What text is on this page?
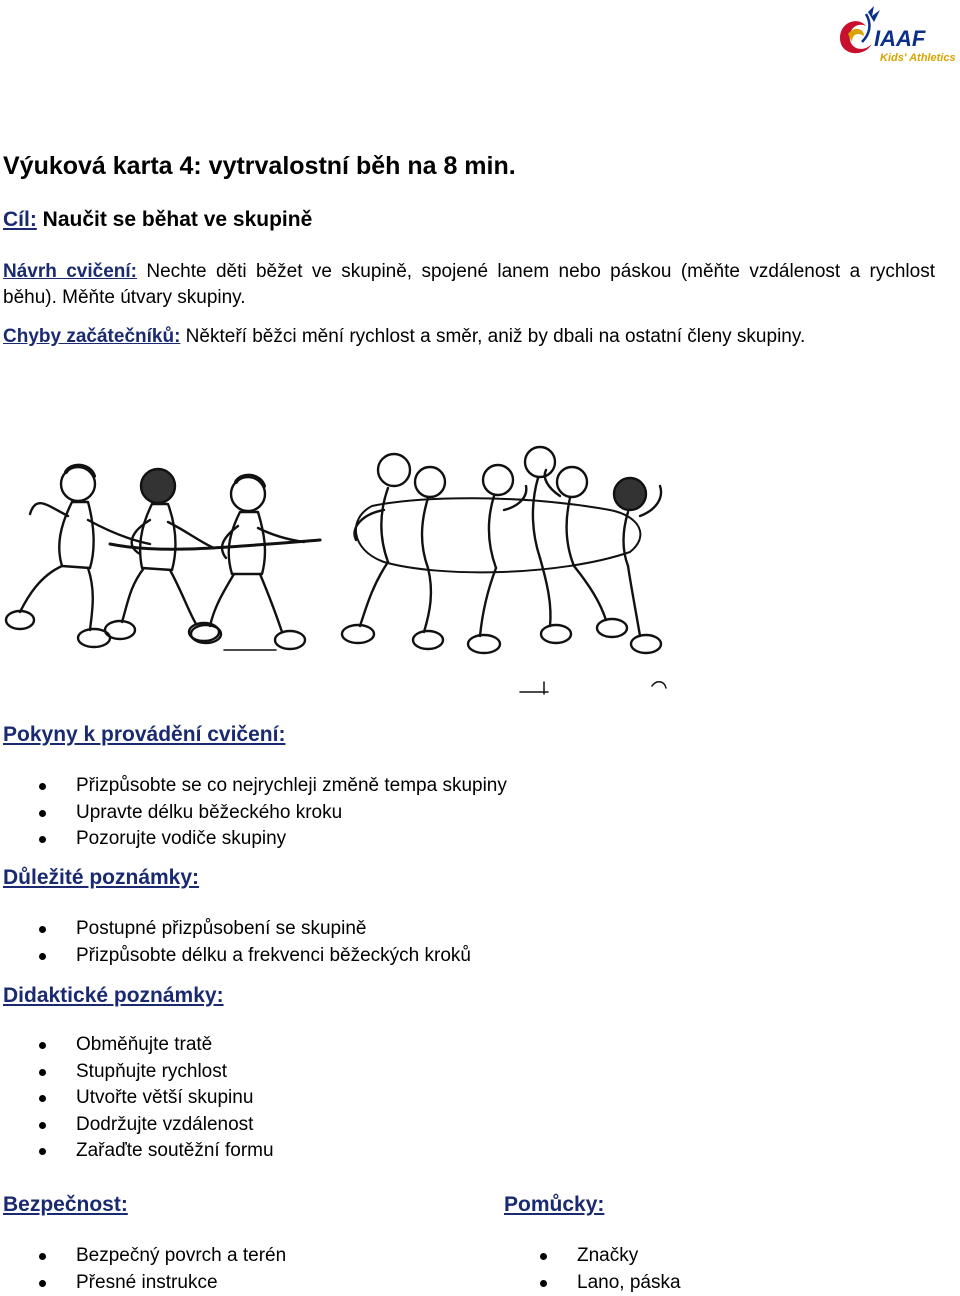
IAAF
Kids' Athletics
Výuková karta 4: vytrvalostní běh na 8 min.

Cíl: Naučit se běhat ve skupině

Návrh cvičení: Nechte děti běžet ve skupině, spojené lanem nebo páskou (měňte vzdálenost a rychlost běhu). Měňte útvary skupiny.

Chyby začátečníků: Někteří běžci mění rychlost a směr, aniž by dbali na ostatní členy skupiny.

Pokyny k provádění cvičení:
Přizpůsobte se co nejrychleji změně tempa skupiny
Upravte délku běžeckého kroku
Pozorujte vodiče skupiny
Důležité poznámky:
Postupné přizpůsobení se skupině
Přizpůsobte délku a frekvenci běžeckých kroků
Didaktické poznámky:
Obměňujte tratě
Stupňujte rychlost
Utvořte větší skupinu
Dodržujte vzdálenost
Zařaďte soutěžní formu
Bezpečnost:
Bezpečný povrch a terén
Přesné instrukce
Pomůcky:
Značky
Lano, páska
